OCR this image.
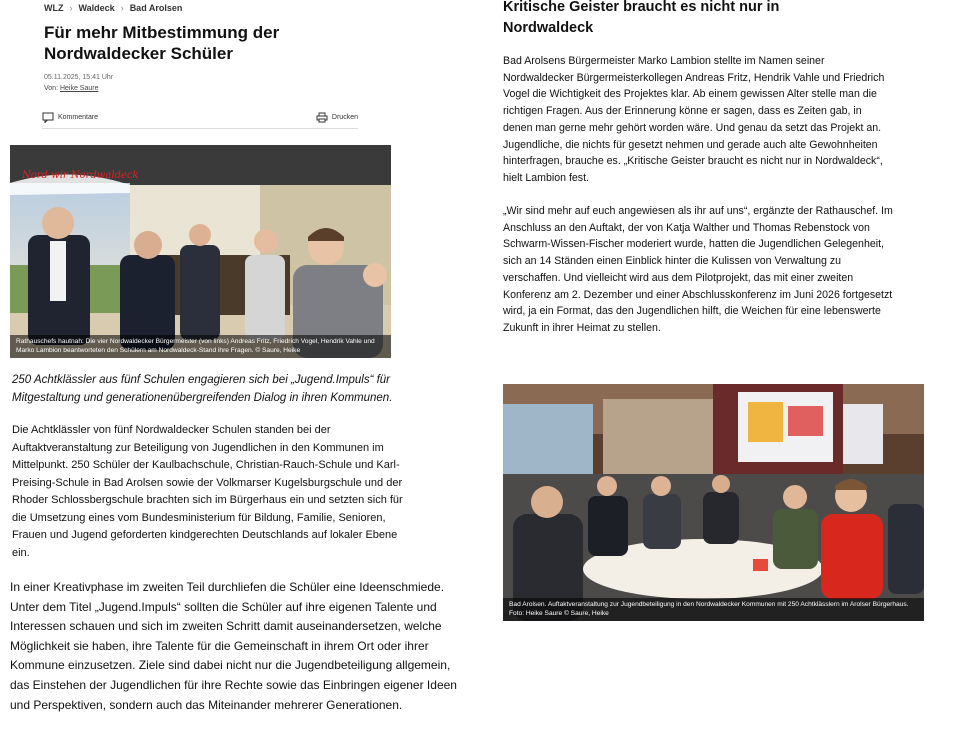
WLZ › Waldeck › Bad Arolsen
Für mehr Mitbestimmung der Nordwaldecker Schüler
05.11.2025, 15:41 Uhr
Von: Heike Saure
Kommentare	Drucken
Nord wir Nordwaldeck
Rathauschefs hautnah: Die vier Nordwaldecker Bürgermeister (von links) Andreas Fritz, Friedrich Vogel, Hendrik Vahle und Marko Lambion beantworteten den Schülern am Nordwaldeck-Stand ihre Fragen. © Saure, Heike

250 Achtklässler aus fünf Schulen engagieren sich bei „Jugend.Impuls“ für Mitgestaltung und generationenübergreifenden Dialog in ihren Kommunen.

Die Achtklässler von fünf Nordwaldecker Schulen standen bei der Auftaktveranstaltung zur Beteiligung von Jugendlichen in den Kommunen im Mittelpunkt. 250 Schüler der Kaulbachschule, Christian-Rauch-Schule und Karl-Preising-Schule in Bad Arolsen sowie der Volkmarser Kugelsburgschule und der Rhoder Schlossbergschule brachten sich im Bürgerhaus ein und setzten sich für die Umsetzung eines vom Bundesministerium für Bildung, Familie, Senioren, Frauen und Jugend geforderten kindgerechten Deutschlands auf lokaler Ebene ein.

In einer Kreativphase im zweiten Teil durchliefen die Schüler eine Ideenschmiede. Unter dem Titel „Jugend.Impuls“ sollten die Schüler auf ihre eigenen Talente und Interessen schauen und sich im zweiten Schritt damit auseinandersetzen, welche Möglichkeit sie haben, ihre Talente für die Gemeinschaft in ihrem Ort oder ihrer Kommune einzusetzen. Ziele sind dabei nicht nur die Jugendbeteiligung allgemein, das Einstehen der Jugendlichen für ihre Rechte sowie das Einbringen eigener Ideen und Perspektiven, sondern auch das Miteinander mehrerer Generationen.

Kritische Geister braucht es nicht nur in Nordwaldeck

Bad Arolsens Bürgermeister Marko Lambion stellte im Namen seiner Nordwaldecker Bürgermeisterkollegen Andreas Fritz, Hendrik Vahle und Friedrich Vogel die Wichtigkeit des Projektes klar. Ab einem gewissen Alter stelle man die richtigen Fragen. Aus der Erinnerung könne er sagen, dass es Zeiten gab, in denen man gerne mehr gehört worden wäre. Und genau da setzt das Projekt an. Jugendliche, die nichts für gesetzt nehmen und gerade auch alte Gewohnheiten hinterfragen, brauche es. „Kritische Geister braucht es nicht nur in Nordwaldeck“, hielt Lambion fest.

„Wir sind mehr auf euch angewiesen als ihr auf uns“, ergänzte der Rathauschef. Im Anschluss an den Auftakt, der von Katja Walther und Thomas Rebenstock von Schwarm-Wissen-Fischer moderiert wurde, hatten die Jugendlichen Gelegenheit, sich an 14 Ständen einen Einblick hinter die Kulissen von Verwaltung zu verschaffen. Und vielleicht wird aus dem Pilotprojekt, das mit einer zweiten Konferenz am 2. Dezember und einer Abschlusskonferenz im Juni 2026 fortgesetzt wird, ja ein Format, das den Jugendlichen hilft, die Weichen für eine lebenswerte Zukunft in ihrer Heimat zu stellen.

Bad Arolsen. Auftaktveranstaltung zur Jugendbeteiligung in den Nordwaldecker Kommunen mit 250 Achtklässlern im Arolser Bürgerhaus. Foto: Heike Saure © Saure, Heike
